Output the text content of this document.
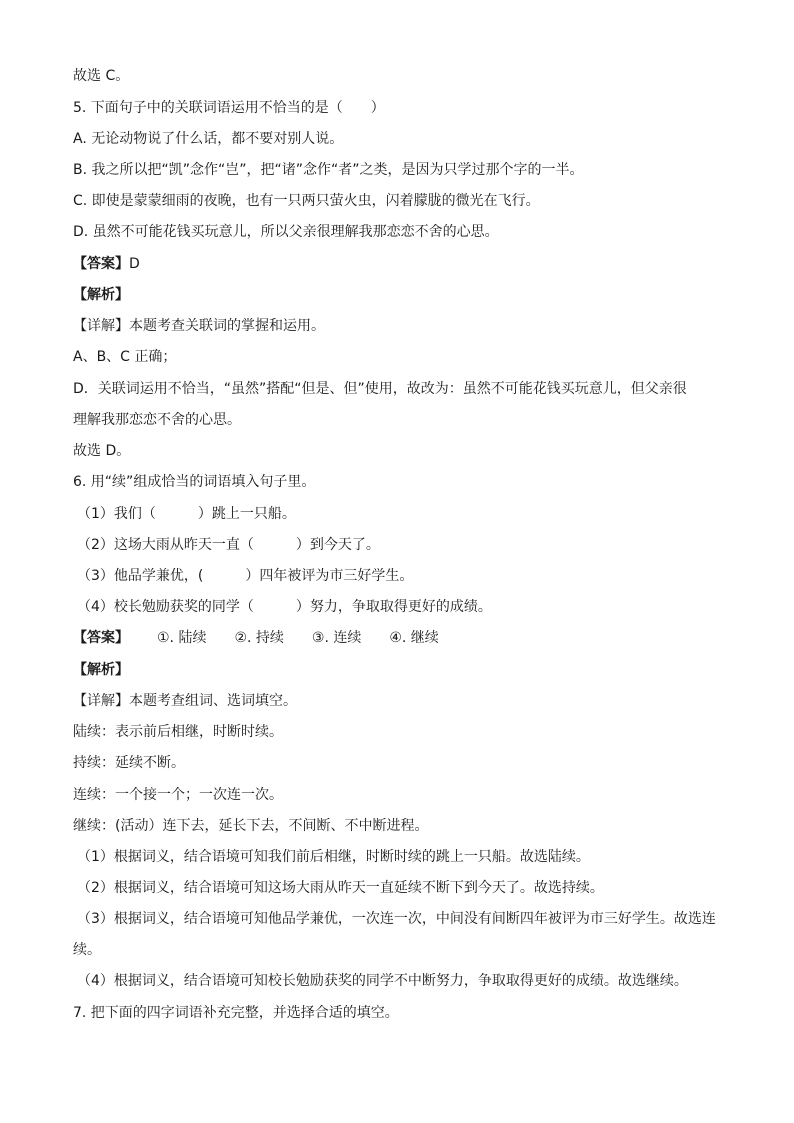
故选 C。
5. 下面句子中的关联词语运用不恰当的是（　　）
A. 无论动物说了什么话，都不要对别人说。
B. 我之所以把“凯”念作“岂”，把“诸”念作“者”之类，是因为只学过那个字的一半。
C. 即使是蒙蒙细雨的夜晚，也有一只两只萤火虫，闪着朦胧的微光在飞行。
D. 虽然不可能花钱买玩意儿，所以父亲很理解我那恋恋不舍的心思。
【答案】D
【解析】
【详解】本题考查关联词的掌握和运用。
A、B、C 正确；
D．关联词运用不恰当，“虽然”搭配“但是、但”使用，故改为：虽然不可能花钱买玩意儿，但父亲很
理解我那恋恋不舍的心思。
故选 D。
6. 用“续”组成恰当的词语填入句子里。
（1）我们（　　　）跳上一只船。
（2）这场大雨从昨天一直（　　　）到今天了。
（3）他品学兼优，(　　　）四年被评为市三好学生。
（4）校长勉励获奖的同学（　　　）努力，争取取得更好的成绩。
【答案】 ①. 陆续 ②. 持续 ③. 连续 ④. 继续
【解析】
【详解】本题考查组词、选词填空。
陆续：表示前后相继，时断时续。
持续：延续不断。
连续：一个接一个；一次连一次。
继续：(活动）连下去，延长下去，不间断、不中断进程。
（1）根据词义，结合语境可知我们前后相继，时断时续的跳上一只船。故选陆续。
（2）根据词义，结合语境可知这场大雨从昨天一直延续不断下到今天了。故选持续。
（3）根据词义，结合语境可知他品学兼优，一次连一次，中间没有间断四年被评为市三好学生。故选连
续。
（4）根据词义，结合语境可知校长勉励获奖的同学不中断努力，争取取得更好的成绩。故选继续。
7. 把下面的四字词语补充完整，并选择合适的填空。
